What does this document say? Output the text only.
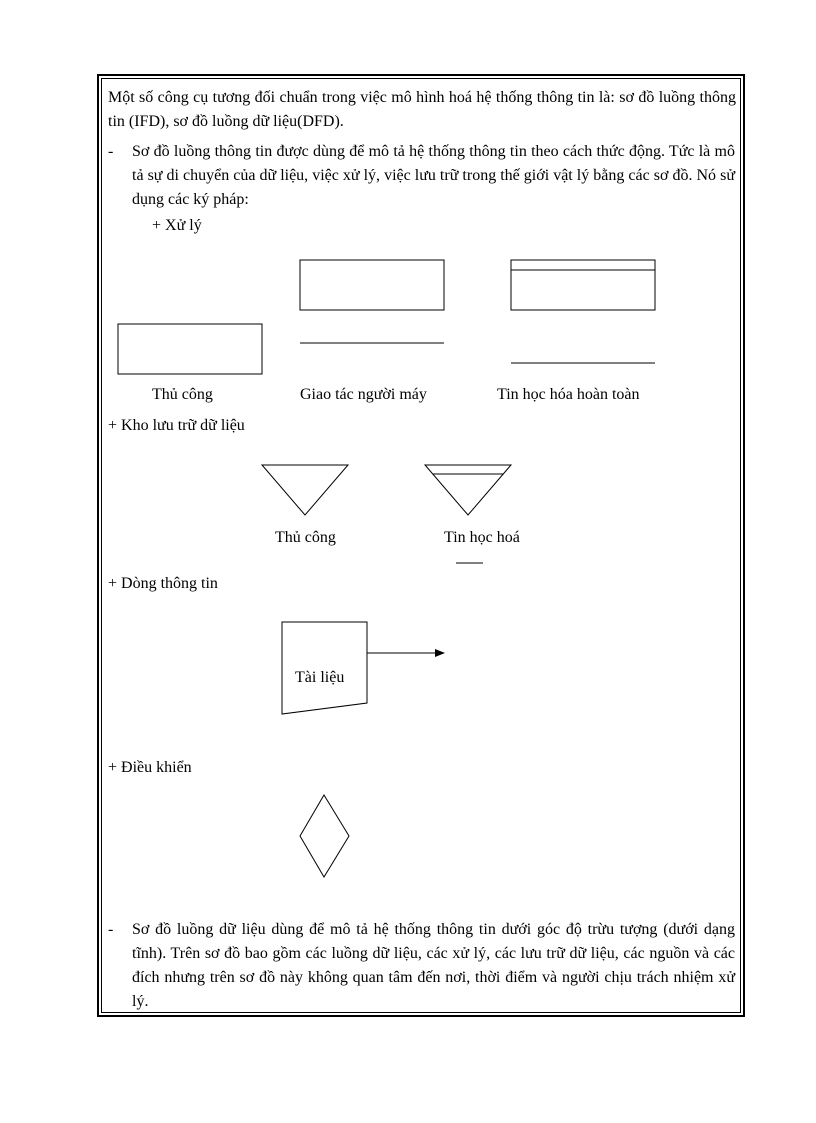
Một số công cụ tương đối chuẩn trong việc mô hình hoá hệ thống thông tin là: sơ đồ luồng thông tin (IFD), sơ đồ luồng dữ liệu(DFD).
- Sơ đồ luồng thông tin được dùng để mô tả hệ thống thông tin theo cách thức động. Tức là mô tả sự di chuyển của dữ liệu, việc xử lý, việc lưu trữ trong thế giới vật lý bằng các sơ đồ. Nó sử dụng các ký pháp:
+ Xử lý
Thủ công	Giao tác người máy	Tin học hóa hoàn toàn
+ Kho lưu trữ dữ liệu
Thủ công	Tin học hoá
+ Dòng thông tin
Tài liệu
+ Điều khiển
- Sơ đồ luồng dữ liệu dùng để mô tả hệ thống thông tin dưới góc độ trừu tượng (dưới dạng tĩnh). Trên sơ đồ bao gồm các luồng dữ liệu, các xử lý, các lưu trữ dữ liệu, các nguồn và các đích nhưng trên sơ đồ này không quan tâm đến nơi, thời điểm và người chịu trách nhiệm xử lý.
